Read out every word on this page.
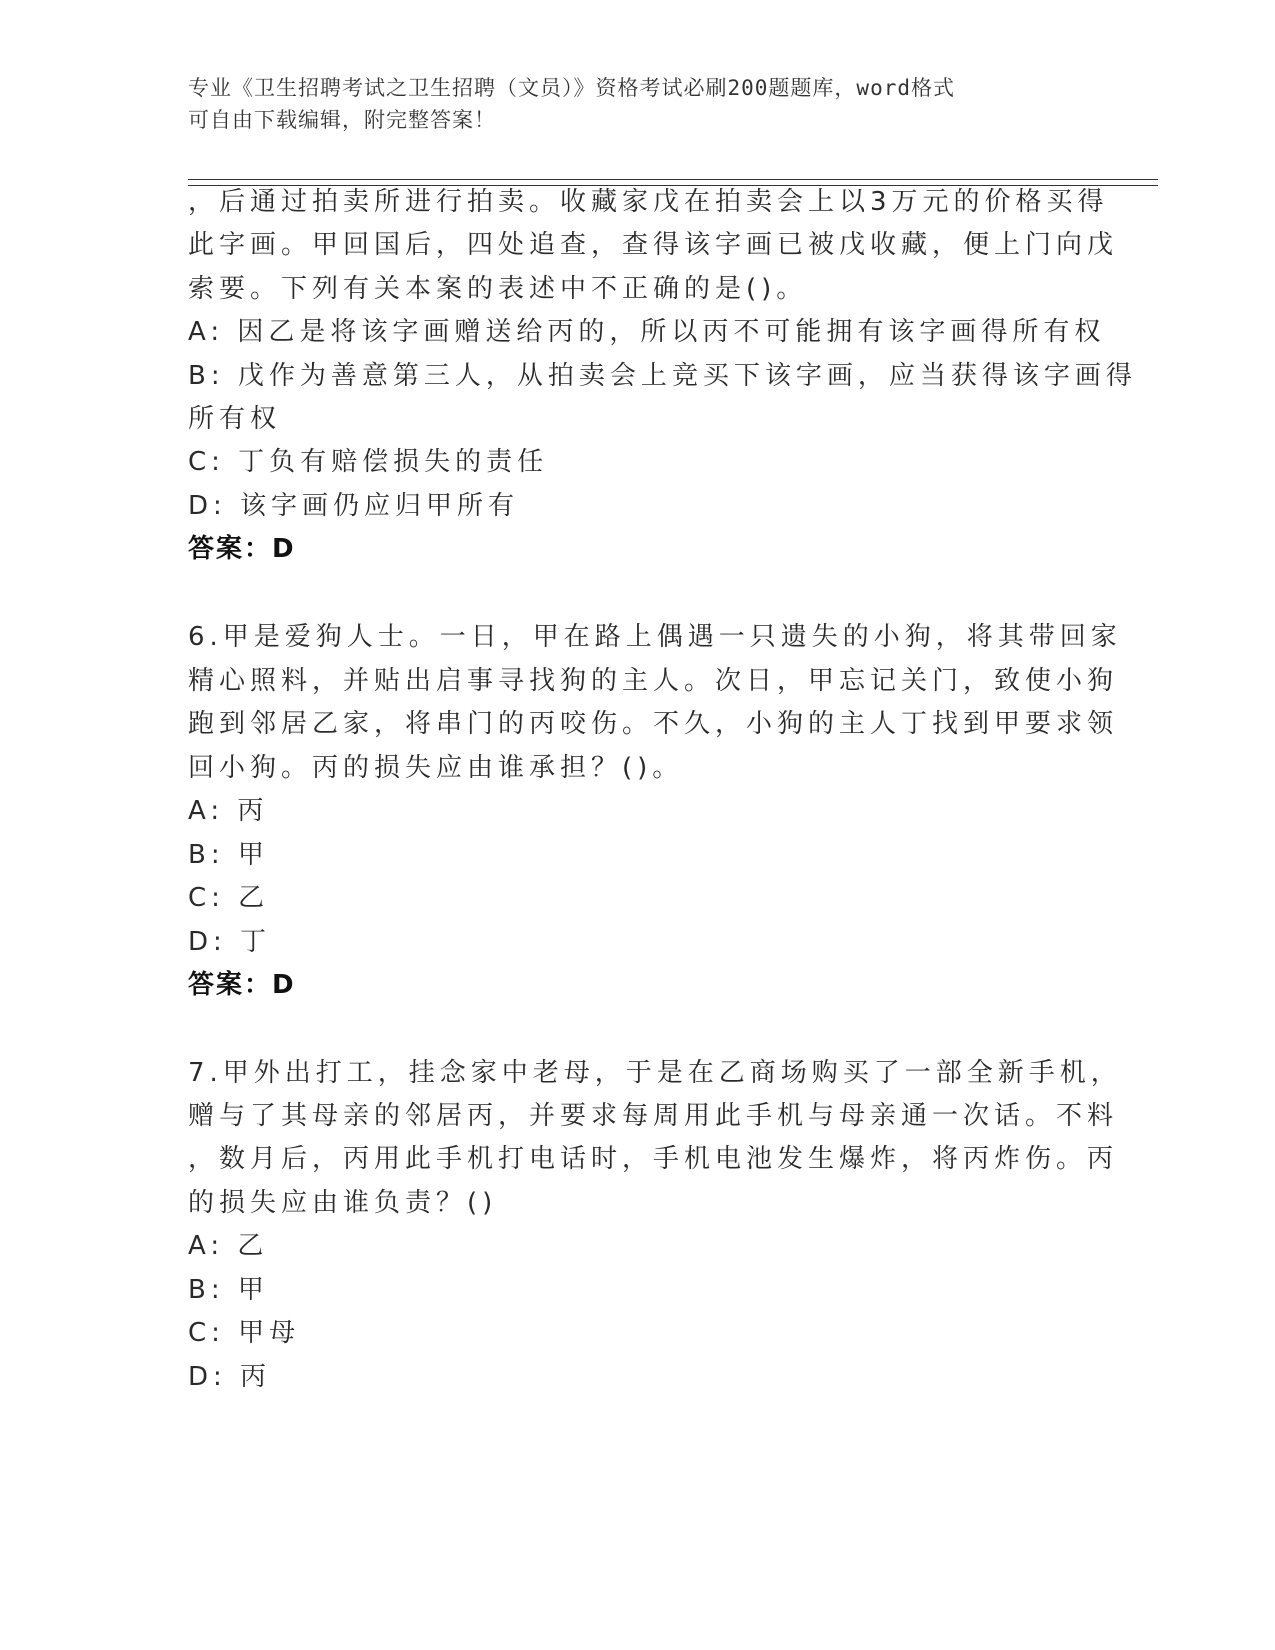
专业《卫生招聘考试之卫生招聘（文员）》资格考试必刷200题题库，word格式
可自由下载编辑，附完整答案！
，后通过拍卖所进行拍卖。收藏家戊在拍卖会上以3万元的价格买得
此字画。甲回国后，四处追查，查得该字画已被戊收藏，便上门向戊
索要。下列有关本案的表述中不正确的是()。
A: 因乙是将该字画赠送给丙的，所以丙不可能拥有该字画得所有权
B: 戊作为善意第三人，从拍卖会上竞买下该字画，应当获得该字画得
所有权
C: 丁负有赔偿损失的责任
D: 该字画仍应归甲所有
答案：D
6.甲是爱狗人士。一日，甲在路上偶遇一只遗失的小狗，将其带回家
精心照料，并贴出启事寻找狗的主人。次日，甲忘记关门，致使小狗
跑到邻居乙家，将串门的丙咬伤。不久，小狗的主人丁找到甲要求领
回小狗。丙的损失应由谁承担？()。
A: 丙
B: 甲
C: 乙
D: 丁
答案：D
7.甲外出打工，挂念家中老母，于是在乙商场购买了一部全新手机，
赠与了其母亲的邻居丙，并要求每周用此手机与母亲通一次话。不料
，数月后，丙用此手机打电话时，手机电池发生爆炸，将丙炸伤。丙
的损失应由谁负责？()
A: 乙
B: 甲
C: 甲母
D: 丙
